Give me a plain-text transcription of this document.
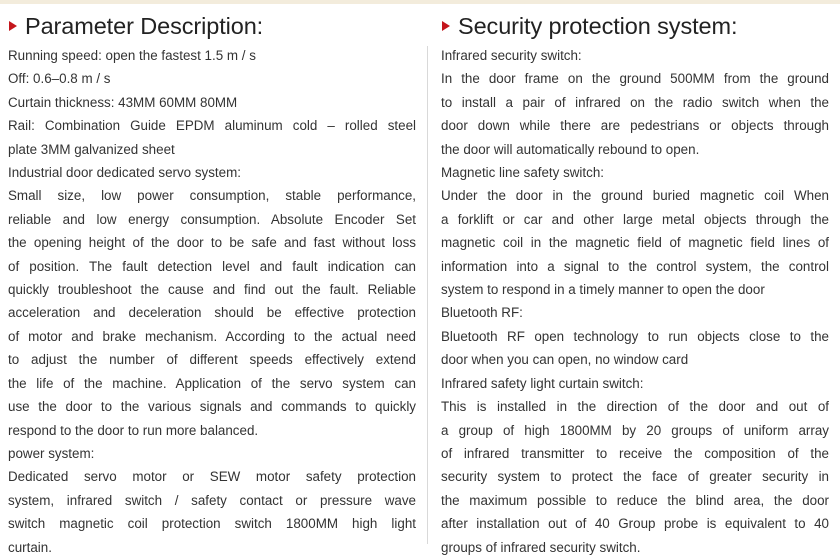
Parameter Description:
Running speed: open the fastest 1.5 m / s
Off: 0.6–0.8 m / s
Curtain thickness: 43MM 60MM 80MM
Rail: Combination Guide EPDM aluminum cold – rolled steel
plate 3MM galvanized sheet
Industrial door dedicated servo system:
Small size, low power consumption, stable performance,
reliable and low energy consumption. Absolute Encoder Set
the opening height of the door to be safe and fast without loss
of position. The fault detection level and fault indication can
quickly troubleshoot the cause and find out the fault. Reliable
acceleration and deceleration should be effective protection
of motor and brake mechanism. According to the actual need
to adjust the number of different speeds effectively extend
the life of the machine. Application of the servo system can
use the door to the various signals and commands to quickly
respond to the door to run more balanced.
power system:
Dedicated servo motor or SEW motor safety protection
system, infrared switch / safety contact or pressure wave
switch magnetic coil protection switch 1800MM high light
curtain.
Security protection system:
Infrared security switch:
In the door frame on the ground 500MM from the ground
to install a pair of infrared on the radio switch when the
door down while there are pedestrians or objects through
the door will automatically rebound to open.
Magnetic line safety switch:
Under the door in the ground buried magnetic coil When
a forklift or car and other large metal objects through the
magnetic coil in the magnetic field of magnetic field lines of
information into a signal to the control system, the control
system to respond in a timely manner to open the door
Bluetooth RF:
Bluetooth RF open technology to run objects close to the
door when you can open, no window card
Infrared safety light curtain switch:
This is installed in the direction of the door and out of
a group of high 1800MM by 20 groups of uniform array
of infrared transmitter to receive the composition of the
security system to protect the face of greater security in
the maximum possible to reduce the blind area, the door
after installation out of 40 Group probe is equivalent to 40
groups of infrared security switch.
